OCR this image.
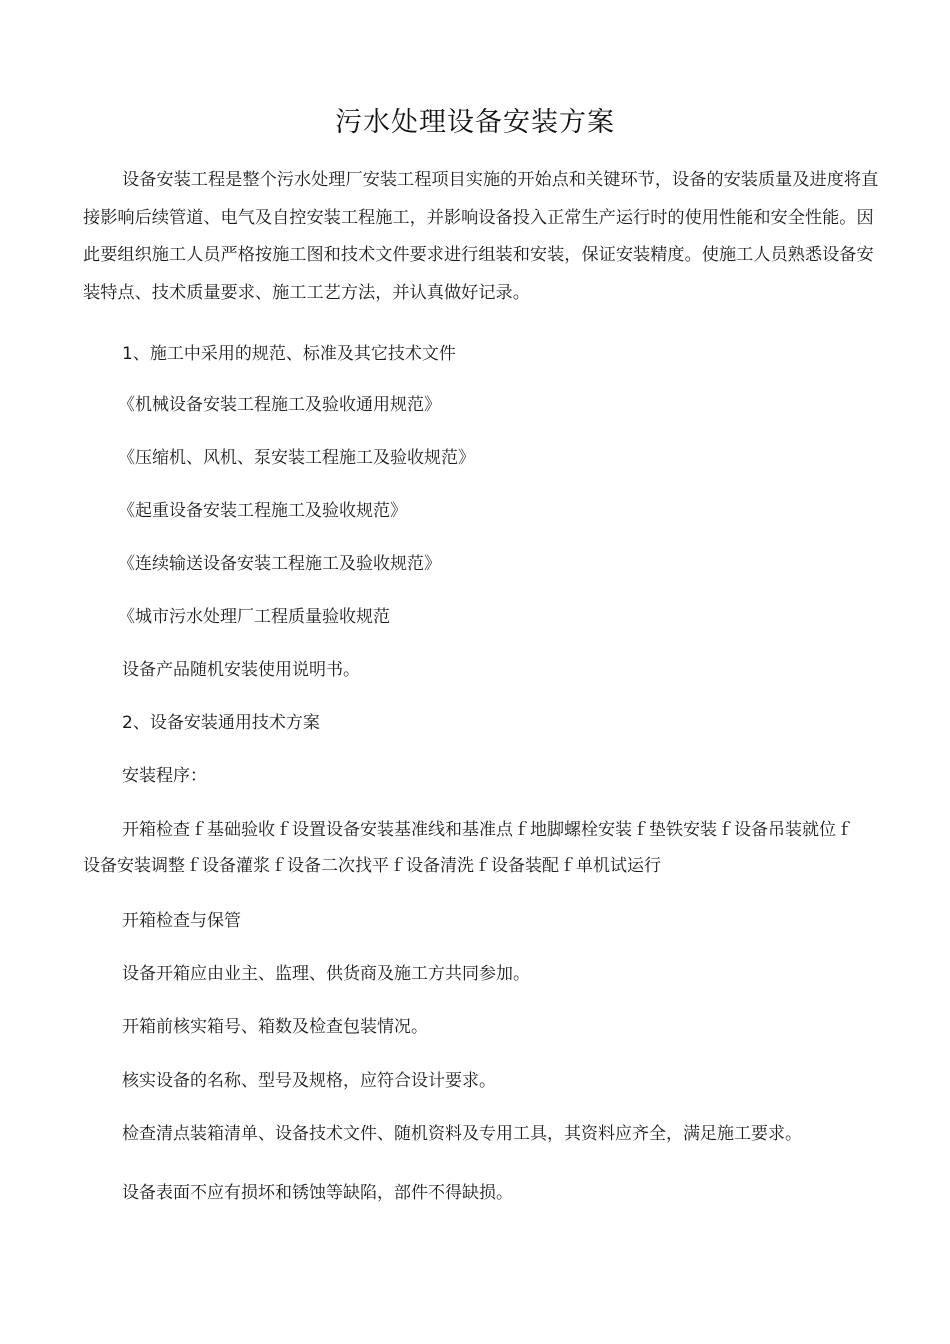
污水处理设备安装方案
设备安装工程是整个污水处理厂安装工程项目实施的开始点和关键环节，设备的安装质量及进度将直接影响后续管道、电气及自控安装工程施工，并影响设备投入正常生产运行时的使用性能和安全性能。因此要组织施工人员严格按施工图和技术文件要求进行组装和安装，保证安装精度。使施工人员熟悉设备安装特点、技术质量要求、施工工艺方法，并认真做好记录。
1、施工中采用的规范、标准及其它技术文件
《机械设备安装工程施工及验收通用规范》
《压缩机、风机、泵安装工程施工及验收规范》
《起重设备安装工程施工及验收规范》
《连续输送设备安装工程施工及验收规范》
《城市污水处理厂工程质量验收规范
设备产品随机安装使用说明书。
2、设备安装通用技术方案
安装程序：
开箱检查ｆ基础验收ｆ设置设备安装基准线和基准点ｆ地脚螺栓安装ｆ垫铁安装ｆ设备吊装就位ｆ设备安装调整ｆ设备灌浆ｆ设备二次找平ｆ设备清洗ｆ设备装配ｆ单机试运行
开箱检查与保管
设备开箱应由业主、监理、供货商及施工方共同参加。
开箱前核实箱号、箱数及检查包装情况。
核实设备的名称、型号及规格，应符合设计要求。
检查清点装箱清单、设备技术文件、随机资料及专用工具，其资料应齐全，满足施工要求。
设备表面不应有损坏和锈蚀等缺陷，部件不得缺损。
